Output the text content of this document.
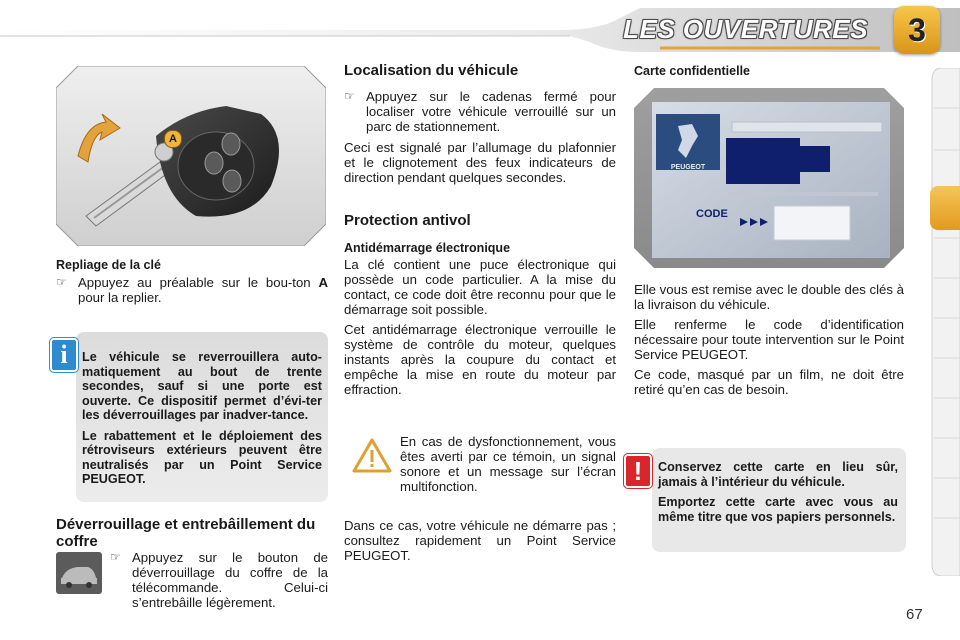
LES OUVERTURES	3
A
Repliage de la clé
☞ Appuyez au préalable sur le bou-ton A pour la replier.
i	Le véhicule se reverrouillera auto-matiquement au bout de trente secondes, sauf si une porte est ouverte. Ce dispositif permet d’évi-ter les déverrouillages par inadver-tance.

Le rabattement et le déploiement des rétroviseurs extérieurs peuvent être neutralisés par un Point Service PEUGEOT.

Déverrouillage et entrebâillement du coffre
☞ Appuyez sur le bouton de déverrouillage du coffre de la télécommande. Celui-ci s’entrebâille légèrement.
Localisation du véhicule
☞ Appuyez sur le cadenas fermé pour localiser votre véhicule verrouillé sur un parc de stationnement.

Ceci est signalé par l’allumage du plafonnier et le clignotement des feux indicateurs de direction pendant quelques secondes.

Protection antivol
Antidémarrage électronique

La clé contient une puce électronique qui possède un code particulier. A la mise du contact, ce code doit être reconnu pour que le démarrage soit possible.

Cet antidémarrage électronique verrouille le système de contrôle du moteur, quelques instants après la coupure du contact et empêche la mise en route du moteur par effraction.

En cas de dysfonctionnement, vous êtes averti par ce témoin, un signal sonore et un message sur l’écran multifonction.

Dans ce cas, votre véhicule ne démarre pas ; consultez rapidement un Point Service PEUGEOT.

Carte confidentielle
PEUGEOT
CODE

Elle vous est remise avec le double des clés à la livraison du véhicule.

Elle renferme le code d’identification nécessaire pour toute intervention sur le Point Service PEUGEOT.

Ce code, masqué par un film, ne doit être retiré qu’en cas de besoin.

!	Conservez cette carte en lieu sûr, jamais à l’intérieur du véhicule.

Emportez cette carte avec vous au même titre que vos papiers personnels.

67
